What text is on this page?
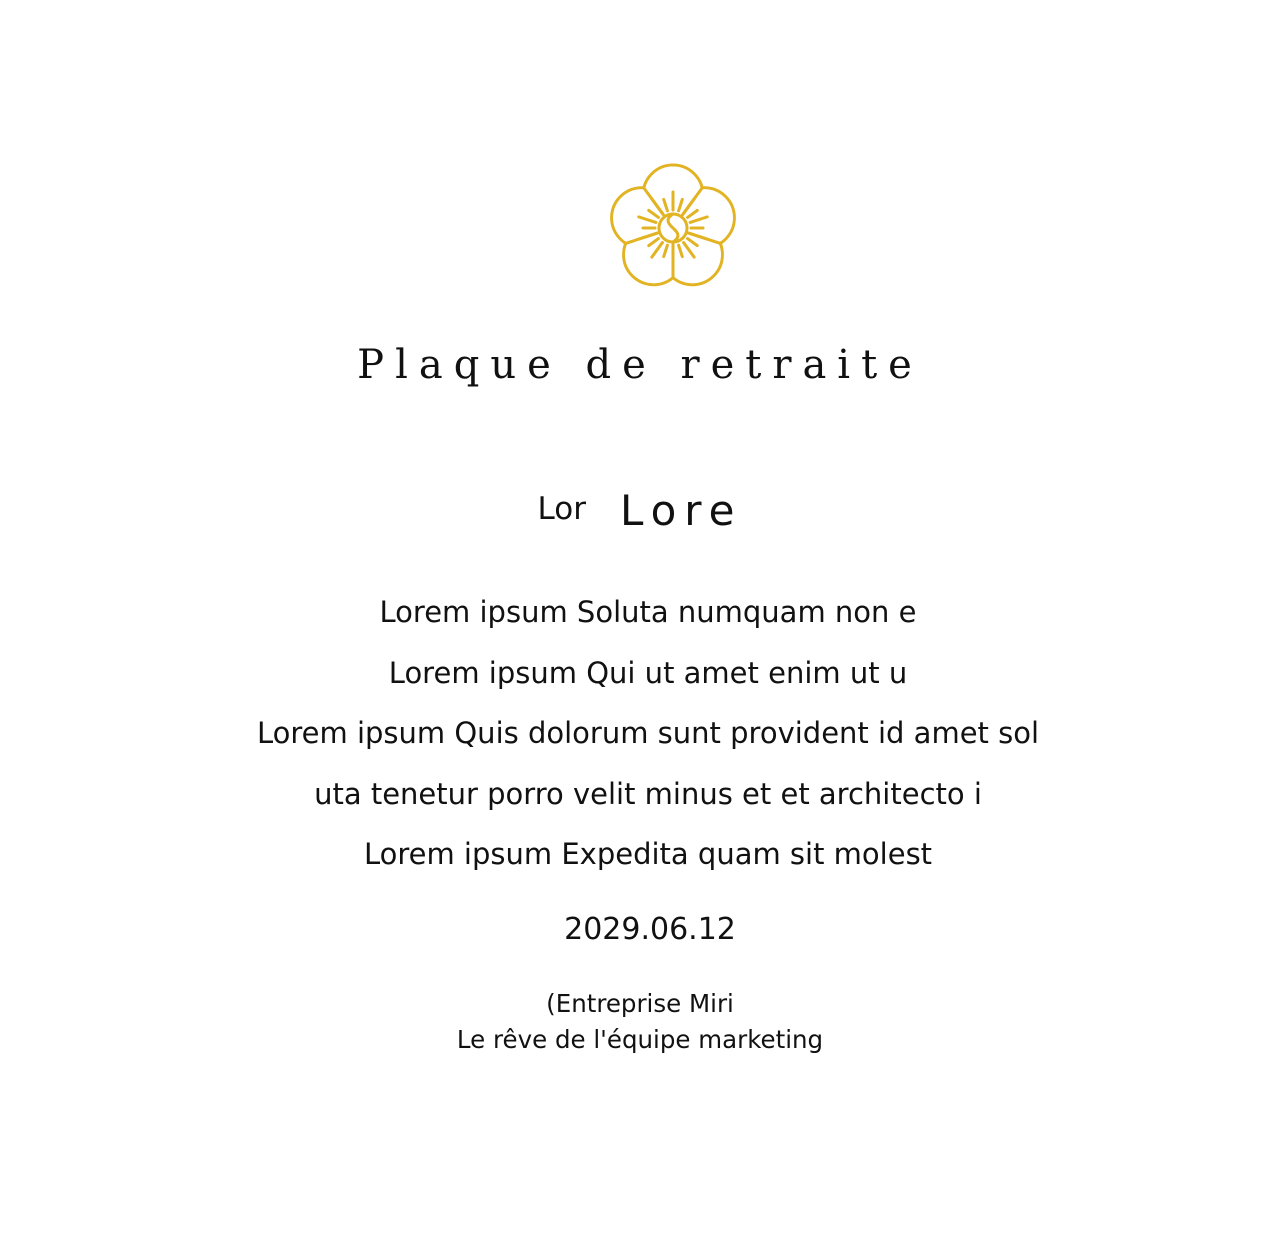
Plaque de retraite
Lor Lore
Lorem ipsum Soluta numquam non e
Lorem ipsum Qui ut amet enim ut u
Lorem ipsum Quis dolorum sunt provident id amet sol
uta tenetur porro velit minus et et architecto i
Lorem ipsum Expedita quam sit molest
2029.06.12
(Entreprise Miri
Le rêve de l'équipe marketing
